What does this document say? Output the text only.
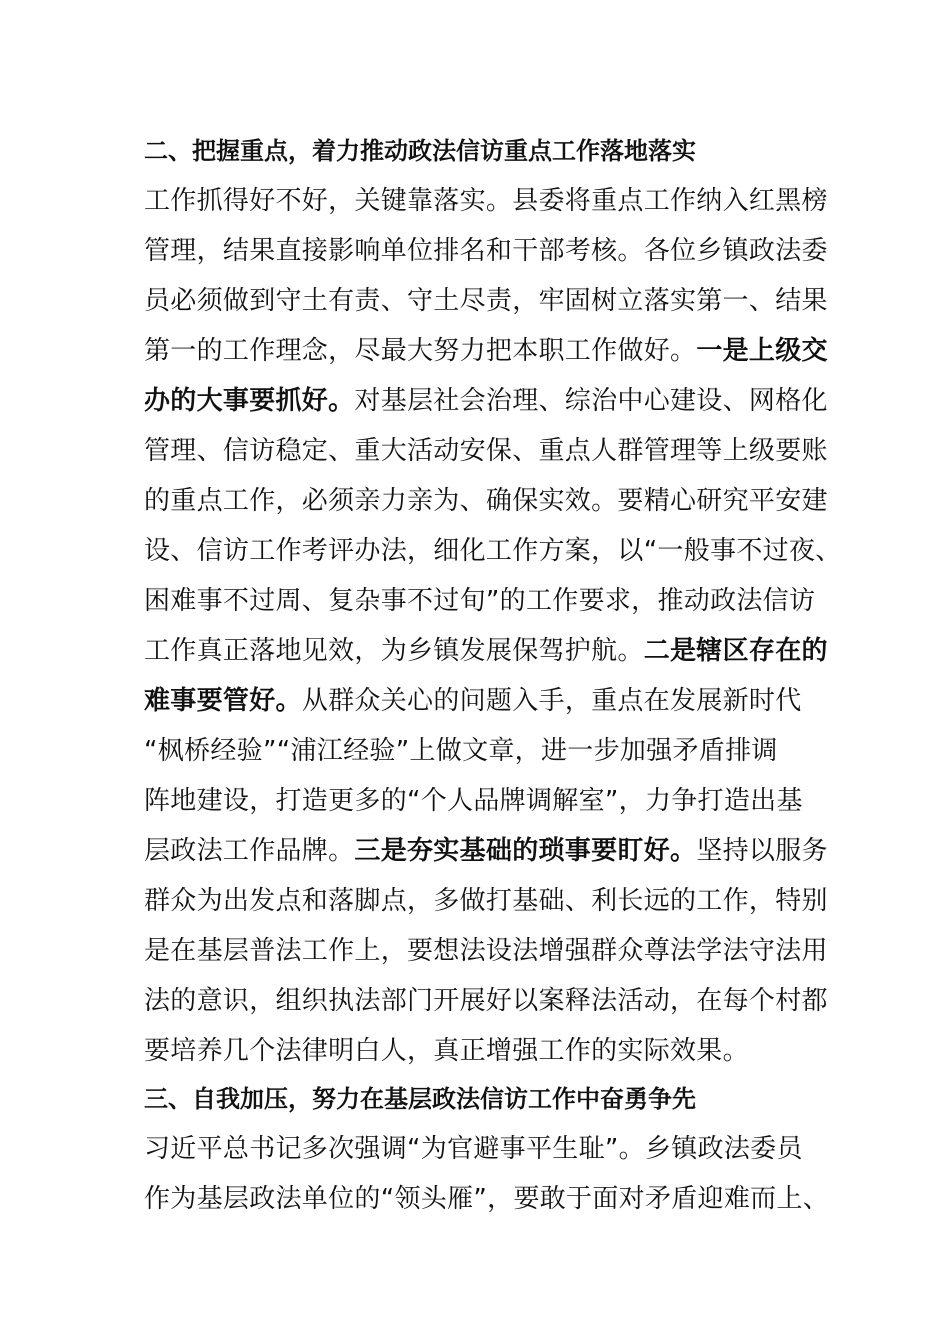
二、把握重点，着力推动政法信访重点工作落地落实
工作抓得好不好，关键靠落实。县委将重点工作纳入红黑榜
管理，结果直接影响单位排名和干部考核。各位乡镇政法委
员必须做到守土有责、守土尽责，牢固树立落实第一、结果
第一的工作理念，尽最大努力把本职工作做好。一是上级交
办的大事要抓好。对基层社会治理、综治中心建设、网格化
管理、信访稳定、重大活动安保、重点人群管理等上级要账
的重点工作，必须亲力亲为、确保实效。要精心研究平安建
设、信访工作考评办法，细化工作方案，以“一般事不过夜、
困难事不过周、复杂事不过旬”的工作要求，推动政法信访
工作真正落地见效，为乡镇发展保驾护航。二是辖区存在的
难事要管好。从群众关心的问题入手，重点在发展新时代
“枫桥经验”“浦江经验”上做文章，进一步加强矛盾排调
阵地建设，打造更多的“个人品牌调解室”，力争打造出基
层政法工作品牌。三是夯实基础的琐事要盯好。坚持以服务
群众为出发点和落脚点，多做打基础、利长远的工作，特别
是在基层普法工作上，要想法设法增强群众尊法学法守法用
法的意识，组织执法部门开展好以案释法活动，在每个村都
要培养几个法律明白人，真正增强工作的实际效果。
三、自我加压，努力在基层政法信访工作中奋勇争先
习近平总书记多次强调“为官避事平生耻”。乡镇政法委员
作为基层政法单位的“领头雁”，要敢于面对矛盾迎难而上、
